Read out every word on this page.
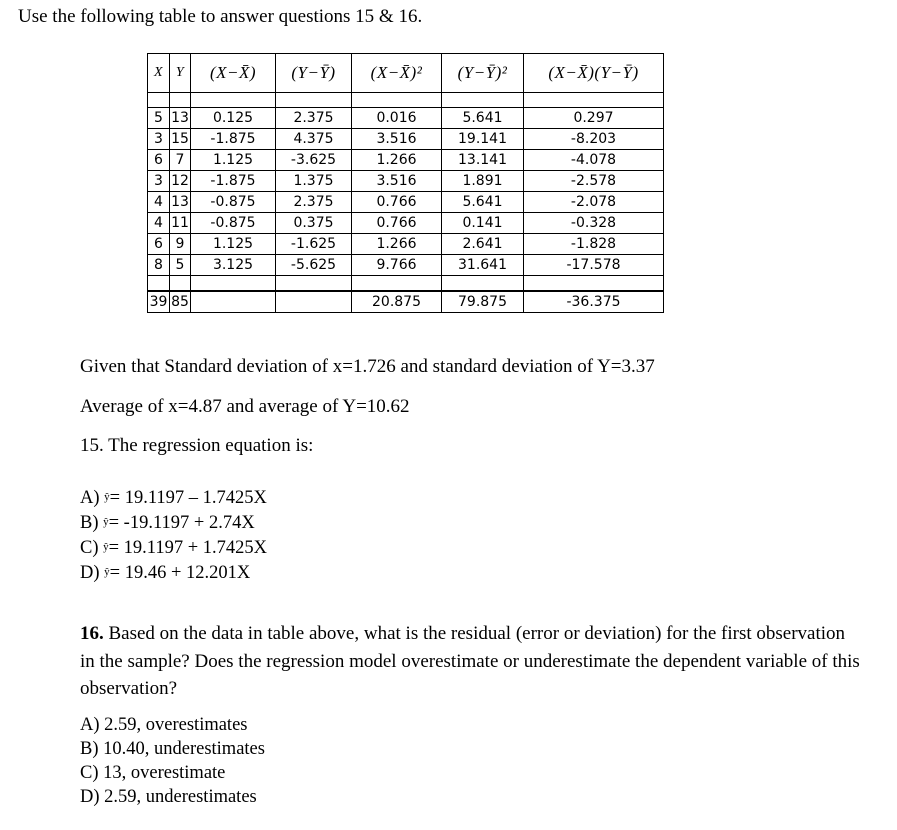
Use the following table to answer questions 15 & 16.
X	Y	(X−X̄)	(Y−Ȳ)	(X−X̄)²	(Y−Ȳ)²	(X−X̄)(Y−Ȳ)

5	13	0.125	2.375	0.016	5.641	0.297
3	15	-1.875	4.375	3.516	19.141	-8.203
6	7	1.125	-3.625	1.266	13.141	-4.078
3	12	-1.875	1.375	3.516	1.891	-2.578
4	13	-0.875	2.375	0.766	5.641	-2.078
4	11	-0.875	0.375	0.766	0.141	-0.328
6	9	1.125	-1.625	1.266	2.641	-1.828
8	5	3.125	-5.625	9.766	31.641	-17.578

39	85			20.875	79.875	-36.375
Given that Standard deviation of x=1.726 and standard deviation of Y=3.37
Average of x=4.87 and average of Y=10.62
15. The regression equation is:
A) ŷ= 19.1197 – 1.7425X
B) ŷ= -19.1197 + 2.74X
C) ŷ= 19.1197 + 1.7425X
D) ŷ= 19.46 + 12.201X
16. Based on the data in table above, what is the residual (error or deviation) for the first observation in the sample? Does the regression model overestimate or underestimate the dependent variable of this observation?
A) 2.59, overestimates
B) 10.40, underestimates
C) 13, overestimate
D) 2.59, underestimates
